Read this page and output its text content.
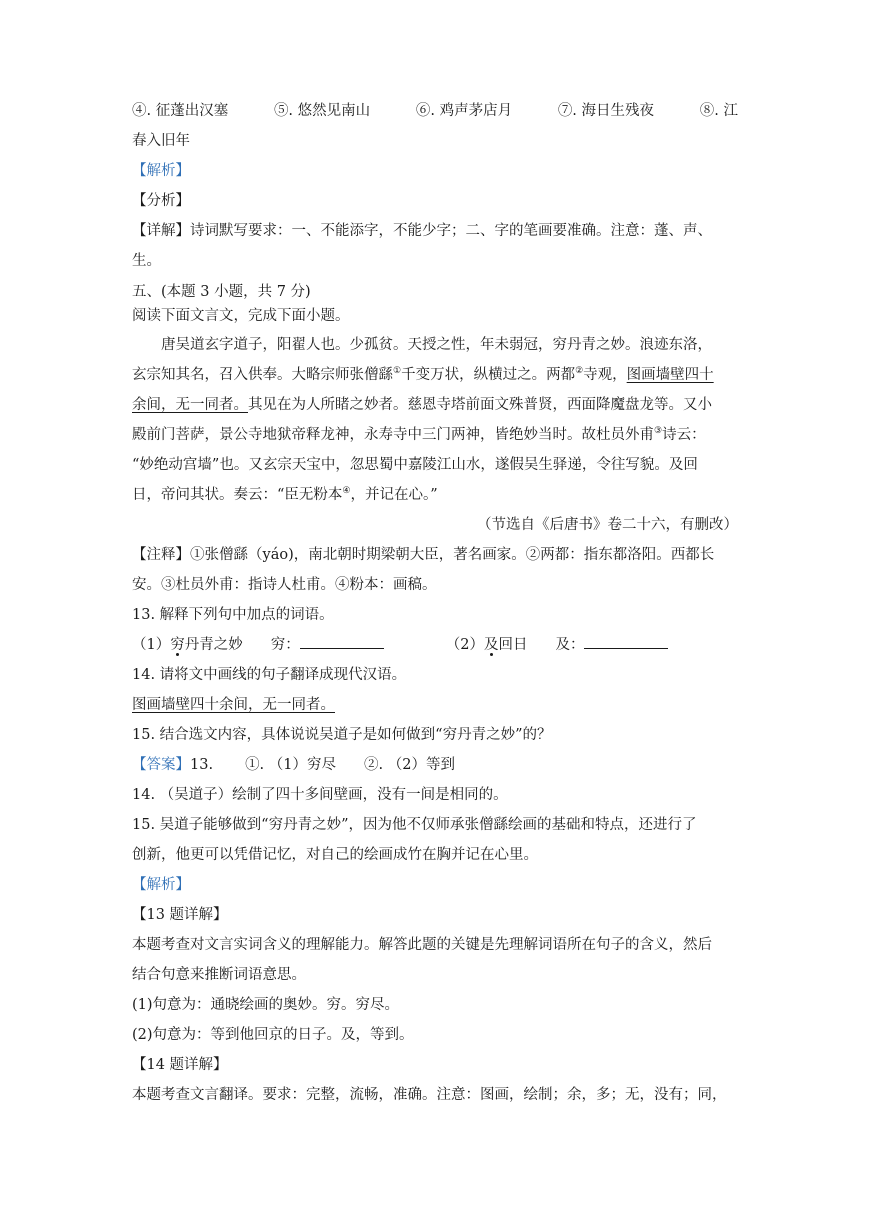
④. 征蓬出汉塞	⑤. 悠然见南山	⑥. 鸡声茅店月	⑦. 海日生残夜	⑧. 江
春入旧年
【解析】
【分析】
【详解】诗词默写要求：一、不能添字，不能少字；二、字的笔画要准确。注意：蓬、声、
生。
五、(本题 3 小题，共 7 分)
阅读下面文言文，完成下面小题。
唐吴道玄字道子，阳翟人也。少孤贫。天授之性，年未弱冠，穷丹青之妙。浪迹东洛，
玄宗知其名，召入供奉。大略宗师张僧繇①千变万状，纵横过之。两都②寺观，图画墙壁四十
余间，无一同者。其见在为人所睹之妙者。慈恩寺塔前面文殊普贤，西面降魔盘龙等。又小
殿前门菩萨，景公寺地狱帝释龙神，永寿寺中三门两神，皆绝妙当时。故杜员外甫③诗云：
“妙绝动宫墙”也。又玄宗天宝中，忽思蜀中嘉陵江山水，遂假吴生驿递，令往写貌。及回
日，帝问其状。奏云：“臣无粉本④，并记在心。”
（节选自《后唐书》卷二十六，有删改）
【注释】①张僧繇（yáo)，南北朝时期梁朝大臣，著名画家。②两都：指东都洛阳。西都长
安。③杜员外甫：指诗人杜甫。④粉本：画稿。
13. 解释下列句中加点的词语。
（1）穷丹青之妙 穷：	（2）及回日 及：
14. 请将文中画线的句子翻译成现代汉语。
图画墙壁四十余间，无一同者。
15. 结合选文内容，具体说说吴道子是如何做到“穷丹青之妙”的？
【答案】13. ①. （1）穷尽 ②. （2）等到
14. （吴道子）绘制了四十多间壁画，没有一间是相同的。
15. 吴道子能够做到“穷丹青之妙”，因为他不仅师承张僧繇绘画的基础和特点，还进行了
创新，他更可以凭借记忆，对自己的绘画成竹在胸并记在心里。
【解析】
【13 题详解】
本题考查对文言实词含义的理解能力。解答此题的关键是先理解词语所在句子的含义，然后
结合句意来推断词语意思。
(1)句意为：通晓绘画的奥妙。穷。穷尽。
(2)句意为：等到他回京的日子。及，等到。
【14 题详解】
本题考查文言翻译。要求：完整，流畅，准确。注意：图画，绘制；余，多；无，没有；同，
